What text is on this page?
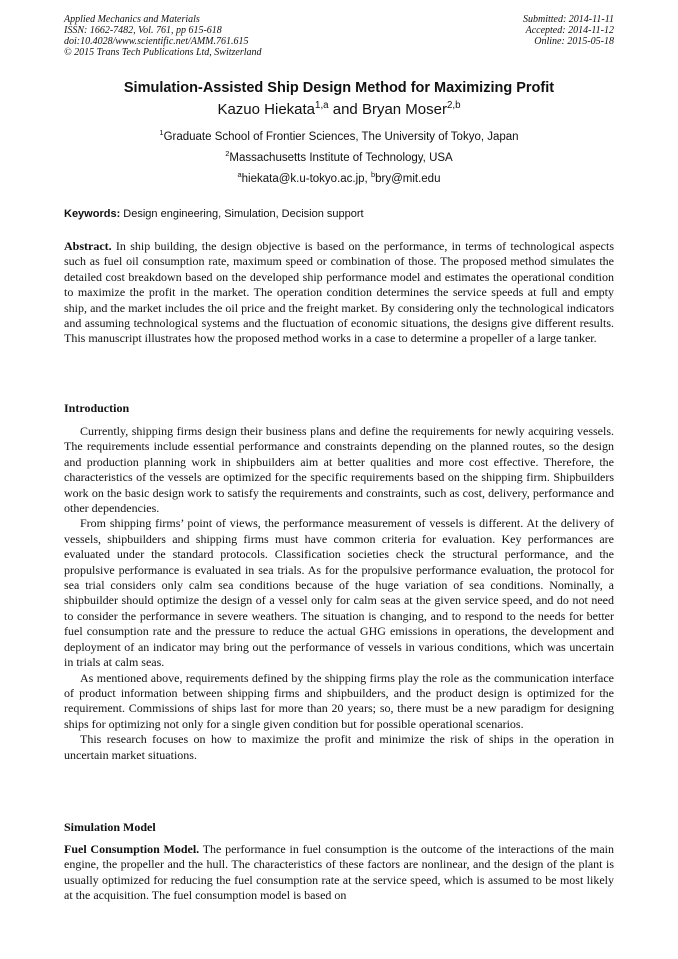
Applied Mechanics and Materials
ISSN: 1662-7482, Vol. 761, pp 615-618
doi:10.4028/www.scientific.net/AMM.761.615
© 2015 Trans Tech Publications Ltd, Switzerland
Submitted: 2014-11-11
Accepted: 2014-11-12
Online: 2015-05-18
Simulation-Assisted Ship Design Method for Maximizing Profit
Kazuo Hiekata$^{1,a}$ and Bryan Moser$^{2,b}$
$^1$Graduate School of Frontier Sciences, The University of Tokyo, Japan
$^2$Massachusetts Institute of Technology, USA
$^a$hiekata@k.u-tokyo.ac.jp, $^b$bry@mit.edu
Keywords: Design engineering, Simulation, Decision support

Abstract. In ship building, the design objective is based on the performance, in terms of technological aspects such as fuel oil consumption rate, maximum speed or combination of those. The proposed method simulates the detailed cost breakdown based on the developed ship performance model and estimates the operational condition to maximize the profit in the market. The operation condition determines the service speeds at full and empty ship, and the market includes the oil price and the freight market. By considering only the technological indicators and assuming technological systems and the fluctuation of economic situations, the designs give different results. This manuscript illustrates how the proposed method works in a case to determine a propeller of a large tanker.

Introduction

Currently, shipping firms design their business plans and define the requirements for newly acquiring vessels. The requirements include essential performance and constraints depending on the planned routes, so the design and production planning work in shipbuilders aim at better qualities and more cost effective. Therefore, the characteristics of the vessels are optimized for the specific requirements based on the shipping firm. Shipbuilders work on the basic design work to satisfy the requirements and constraints, such as cost, delivery, performance and other dependencies.

From shipping firms’ point of views, the performance measurement of vessels is different. At the delivery of vessels, shipbuilders and shipping firms must have common criteria for evaluation. Key performances are evaluated under the standard protocols. Classification societies check the structural performance, and the propulsive performance is evaluated in sea trials. As for the propulsive performance evaluation, the protocol for sea trial considers only calm sea conditions because of the huge variation of sea conditions. Nominally, a shipbuilder should optimize the design of a vessel only for calm seas at the given service speed, and do not need to consider the performance in severe weathers. The situation is changing, and to respond to the needs for better fuel consumption rate and the pressure to reduce the actual GHG emissions in operations, the development and deployment of an indicator may bring out the performance of vessels in various conditions, which was uncertain in trials at calm seas.

As mentioned above, requirements defined by the shipping firms play the role as the communication interface of product information between shipping firms and shipbuilders, and the product design is optimized for the requirement. Commissions of ships last for more than 20 years; so, there must be a new paradigm for designing ships for optimizing not only for a single given condition but for possible operational scenarios.

This research focuses on how to maximize the profit and minimize the risk of ships in the operation in uncertain market situations.

Simulation Model

Fuel Consumption Model. The performance in fuel consumption is the outcome of the interactions of the main engine, the propeller and the hull. The characteristics of these factors are nonlinear, and the design of the plant is usually optimized for reducing the fuel consumption rate at the service speed, which is assumed to be most likely at the acquisition. The fuel consumption model is based on
